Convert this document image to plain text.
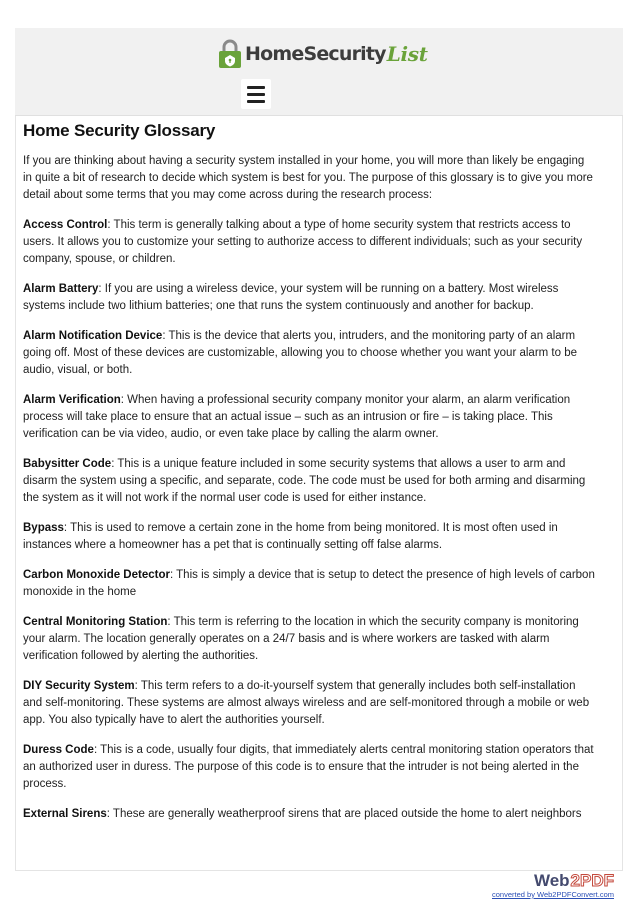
HomeSecurity List
Home Security Glossary

If you are thinking about having a security system installed in your home, you will more than likely be engaging in quite a bit of research to decide which system is best for you. The purpose of this glossary is to give you more detail about some terms that you may come across during the research process:

Access Control: This term is generally talking about a type of home security system that restricts access to users. It allows you to customize your setting to authorize access to different individuals; such as your security company, spouse, or children.

Alarm Battery: If you are using a wireless device, your system will be running on a battery. Most wireless systems include two lithium batteries; one that runs the system continuously and another for backup.

Alarm Notification Device: This is the device that alerts you, intruders, and the monitoring party of an alarm going off. Most of these devices are customizable, allowing you to choose whether you want your alarm to be audio, visual, or both.

Alarm Verification: When having a professional security company monitor your alarm, an alarm verification process will take place to ensure that an actual issue – such as an intrusion or fire – is taking place. This verification can be via video, audio, or even take place by calling the alarm owner.

Babysitter Code: This is a unique feature included in some security systems that allows a user to arm and disarm the system using a specific, and separate, code. The code must be used for both arming and disarming the system as it will not work if the normal user code is used for either instance.

Bypass: This is used to remove a certain zone in the home from being monitored. It is most often used in instances where a homeowner has a pet that is continually setting off false alarms.

Carbon Monoxide Detector: This is simply a device that is setup to detect the presence of high levels of carbon monoxide in the home

Central Monitoring Station: This term is referring to the location in which the security company is monitoring your alarm. The location generally operates on a 24/7 basis and is where workers are tasked with alarm verification followed by alerting the authorities.

DIY Security System: This term refers to a do-it-yourself system that generally includes both self-installation and self-monitoring. These systems are almost always wireless and are self-monitored through a mobile or web app. You also typically have to alert the authorities yourself.

Duress Code: This is a code, usually four digits, that immediately alerts central monitoring station operators that an authorized user in duress. The purpose of this code is to ensure that the intruder is not being alerted in the process.

External Sirens: These are generally weatherproof sirens that are placed outside the home to alert neighbors

Web2PDF
converted by Web2PDFConvert.com
